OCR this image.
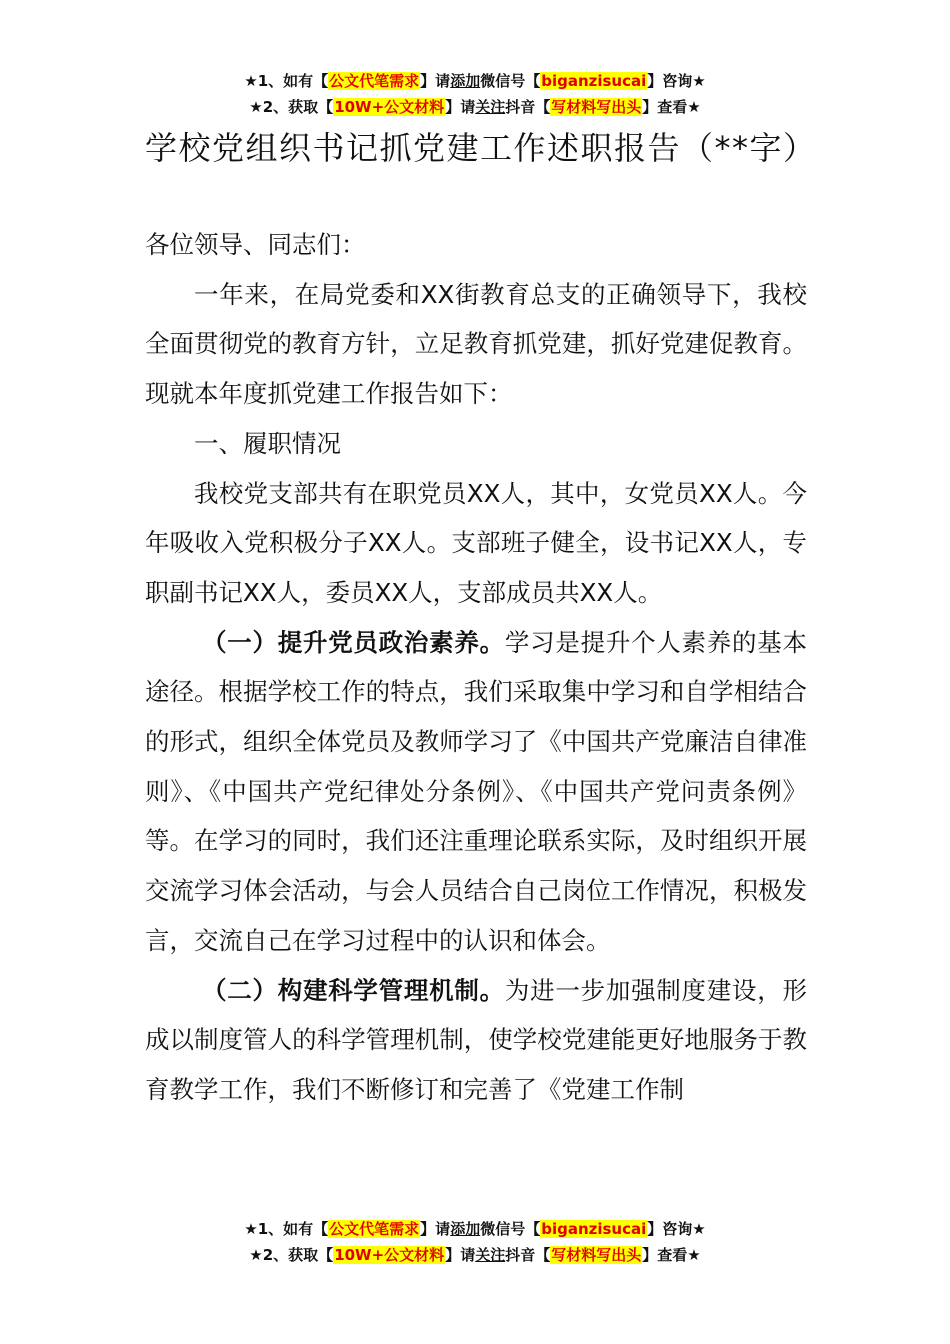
★1、如有【公文代笔需求】请添加微信号【biganzisucai】咨询★
★2、获取【10W+公文材料】请关注抖音【写材料写出头】查看★
学校党组织书记抓党建工作述职报告（**字）

各位领导、同志们：

一年来，在局党委和XX街教育总支的正确领导下，我校全面贯彻党的教育方针，立足教育抓党建，抓好党建促教育。现就本年度抓党建工作报告如下：

一、履职情况

我校党支部共有在职党员XX人，其中，女党员XX人。今年吸收入党积极分子XX人。支部班子健全，设书记XX人，专职副书记XX人，委员XX人，支部成员共XX人。

（一）提升党员政治素养。学习是提升个人素养的基本途径。根据学校工作的特点，我们采取集中学习和自学相结合的形式，组织全体党员及教师学习了《中国共产党廉洁自律准则》、《中国共产党纪律处分条例》、《中国共产党问责条例》等。在学习的同时，我们还注重理论联系实际，及时组织开展交流学习体会活动，与会人员结合自己岗位工作情况，积极发言，交流自己在学习过程中的认识和体会。

（二）构建科学管理机制。为进一步加强制度建设，形成以制度管人的科学管理机制，使学校党建能更好地服务于教育教学工作，我们不断修订和完善了《党建工作制

★1、如有【公文代笔需求】请添加微信号【biganzisucai】咨询★
★2、获取【10W+公文材料】请关注抖音【写材料写出头】查看★
